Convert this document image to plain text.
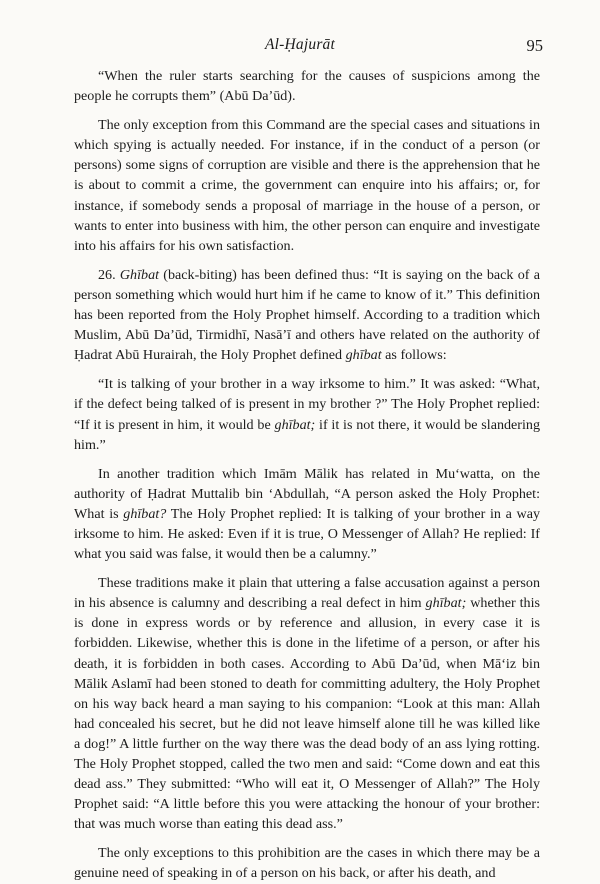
Al-Ḥajurāt	95

“When the ruler starts searching for the causes of suspicions among the people he corrupts them” (Abū Da’ūd).

The only exception from this Command are the special cases and situations in which spying is actually needed. For instance, if in the conduct of a person (or persons) some signs of corruption are visible and there is the apprehension that he is about to commit a crime, the government can enquire into his affairs; or, for instance, if somebody sends a proposal of marriage in the house of a person, or wants to enter into business with him, the other person can enquire and investigate into his affairs for his own satisfaction.

26. Ghībat (back-biting) has been defined thus: “It is saying on the back of a person something which would hurt him if he came to know of it.” This definition has been reported from the Holy Prophet himself. According to a tradition which Muslim, Abū Da’ūd, Tirmidhī, Nasā’ī and others have related on the authority of Ḥadrat Abū Hurairah, the Holy Prophet defined ghībat as follows:

“It is talking of your brother in a way irksome to him.” It was asked: “What, if the defect being talked of is present in my brother ?” The Holy Prophet replied: “If it is present in him, it would be ghībat; if it is not there, it would be slandering him.”

In another tradition which Imām Mālik has related in Mu‘watta, on the authority of Ḥadrat Muttalib bin ‘Abdullah, “A person asked the Holy Prophet: What is ghībat? The Holy Prophet replied: It is talking of your brother in a way irksome to him. He asked: Even if it is true, O Messenger of Allah? He replied: If what you said was false, it would then be a calumny.”

These traditions make it plain that uttering a false accusation against a person in his absence is calumny and describing a real defect in him ghībat; whether this is done in express words or by reference and allusion, in every case it is forbidden. Likewise, whether this is done in the lifetime of a person, or after his death, it is forbidden in both cases. According to Abū Da’ūd, when Mā‘iz bin Mālik Aslamī had been stoned to death for committing adultery, the Holy Prophet on his way back heard a man saying to his companion: “Look at this man: Allah had concealed his secret, but he did not leave himself alone till he was killed like a dog!” A little further on the way there was the dead body of an ass lying rotting. The Holy Prophet stopped, called the two men and said: “Come down and eat this dead ass.” They submitted: “Who will eat it, O Messenger of Allah?” The Holy Prophet said: “A little before this you were attacking the honour of your brother: that was much worse than eating this dead ass.”

The only exceptions to this prohibition are the cases in which there may be a genuine need of speaking in of a person on his back, or after his death, and
